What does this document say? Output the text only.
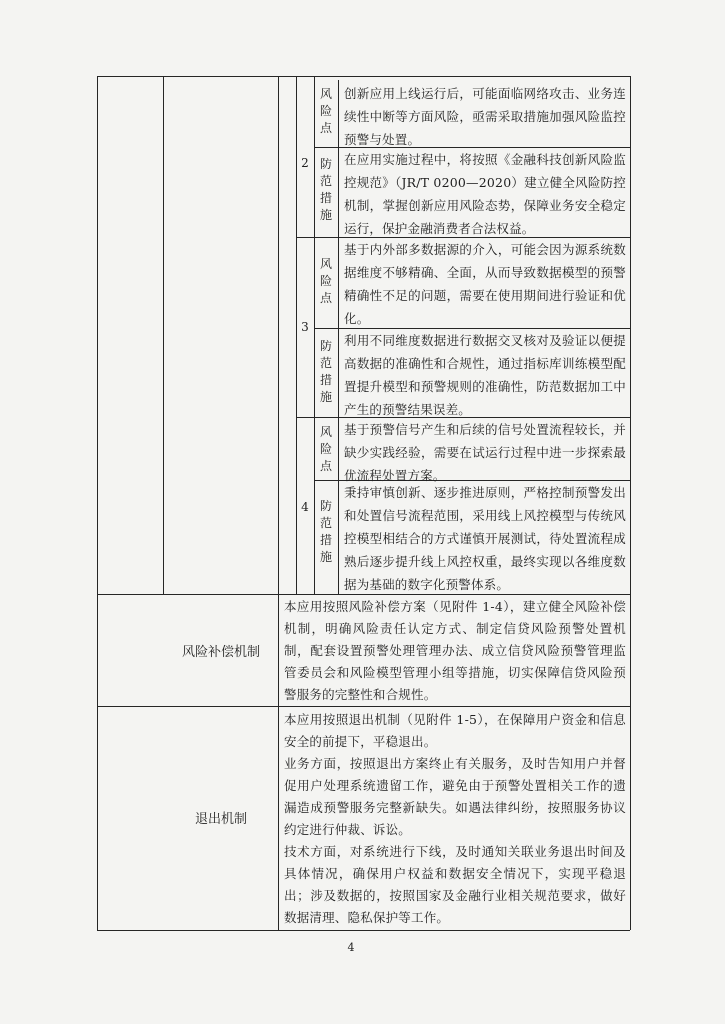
风险点
创新应用上线运行后，可能面临网络攻击、业务连续性中断等方面风险，亟需采取措施加强风险监控预警与处置。
2 防范措施
在应用实施过程中，将按照《金融科技创新风险监控规范》（JR/T 0200—2020）建立健全风险防控机制，掌握创新应用风险态势，保障业务安全稳定运行，保护金融消费者合法权益。
3
风险点
基于内外部多数据源的介入，可能会因为源系统数据维度不够精确、全面，从而导致数据模型的预警精确性不足的问题，需要在使用期间进行验证和优化。
防范措施
利用不同维度数据进行数据交叉核对及验证以便提高数据的准确性和合规性，通过指标库训练模型配置提升模型和预警规则的准确性，防范数据加工中产生的预警结果误差。
4
风险点
基于预警信号产生和后续的信号处置流程较长，并缺少实践经验，需要在试运行过程中进一步探索最优流程处置方案。
防范措施
秉持审慎创新、逐步推进原则，严格控制预警发出和处置信号流程范围，采用线上风控模型与传统风控模型相结合的方式谨慎开展测试，待处置流程成熟后逐步提升线上风控权重，最终实现以各维度数据为基础的数字化预警体系。
风险补偿机制
本应用按照风险补偿方案（见附件 1-4），建立健全风险补偿机制，明确风险责任认定方式、制定信贷风险预警处置机制，配套设置预警处理管理办法、成立信贷风险预警管理监管委员会和风险模型管理小组等措施，切实保障信贷风险预警服务的完整性和合规性。
退出机制
本应用按照退出机制（见附件 1-5），在保障用户资金和信息安全的前提下，平稳退出。
业务方面，按照退出方案终止有关服务，及时告知用户并督促用户处理系统遗留工作，避免由于预警处置相关工作的遗漏造成预警服务完整新缺失。如遇法律纠纷，按照服务协议约定进行仲裁、诉讼。
技术方面，对系统进行下线，及时通知关联业务退出时间及具体情况，确保用户权益和数据安全情况下，实现平稳退出；涉及数据的，按照国家及金融行业相关规范要求，做好数据清理、隐私保护等工作。
4
